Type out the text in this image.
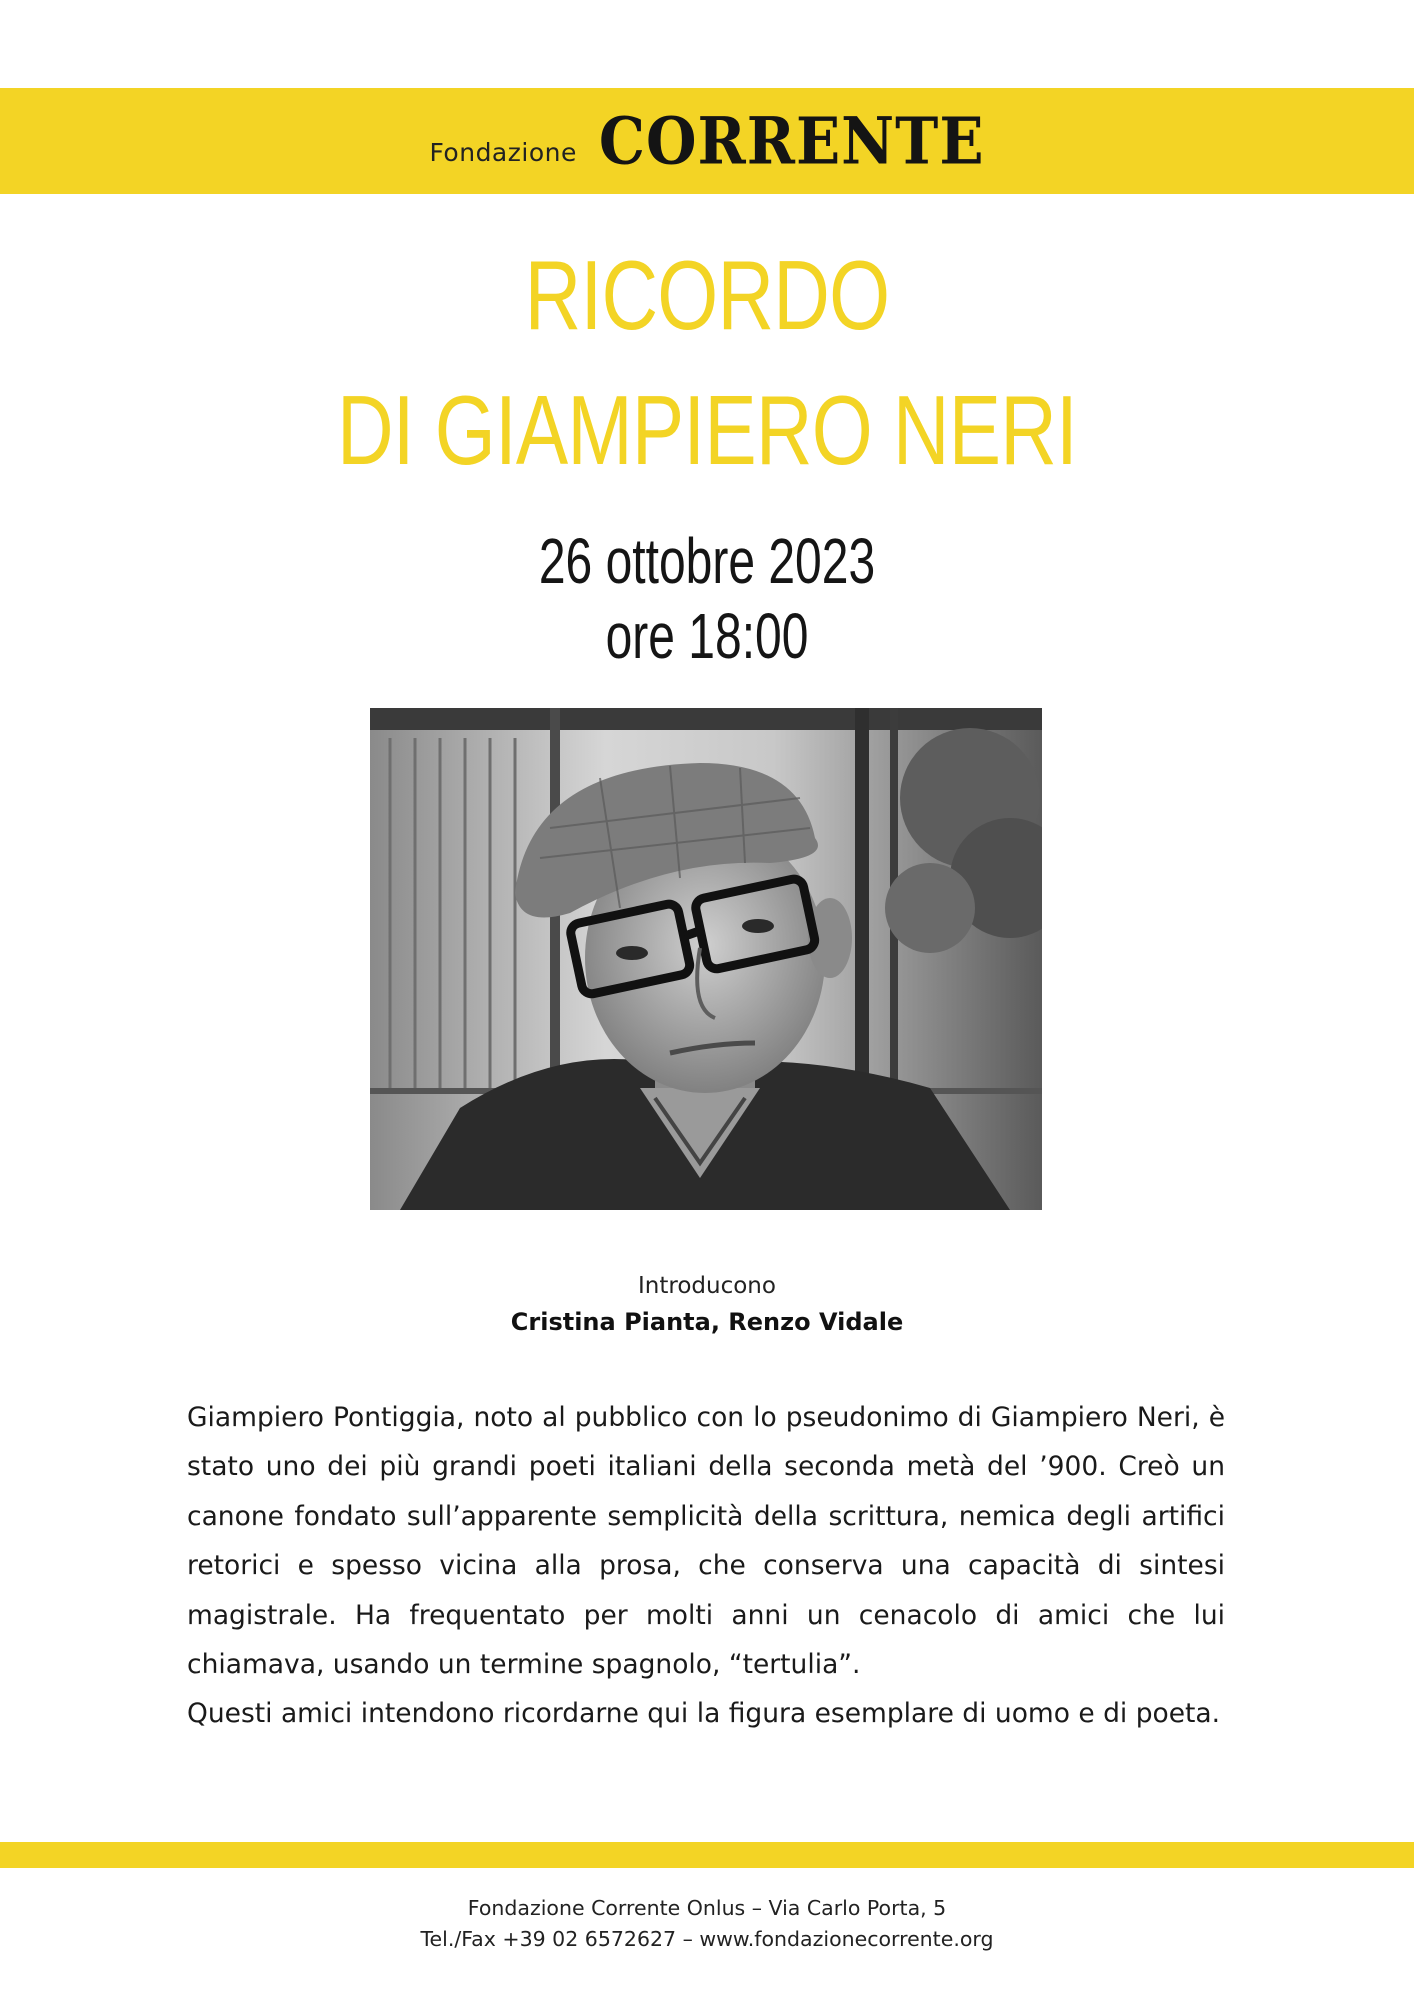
Fondazione CORRENTE
RICORDO
DI GIAMPIERO NERI
26 ottobre 2023
ore 18:00
Introducono
Cristina Pianta, Renzo Vidale

Giampiero Pontiggia, noto al pubblico con lo pseudonimo di Giampiero Neri, è stato uno dei più grandi poeti italiani della seconda metà del ’900. Creò un canone fondato sull’apparente semplicità della scrittura, nemica degli artifici retorici e spesso vicina alla prosa, che conserva una capacità di sintesi magistrale. Ha frequentato per molti anni un cenacolo di amici che lui chiamava, usando un termine spagnolo, “tertulia”.

Questi amici intendono ricordarne qui la figura esemplare di uomo e di poeta.

Fondazione Corrente Onlus – Via Carlo Porta, 5
Tel./Fax +39 02 6572627 – www.fondazionecorrente.org
